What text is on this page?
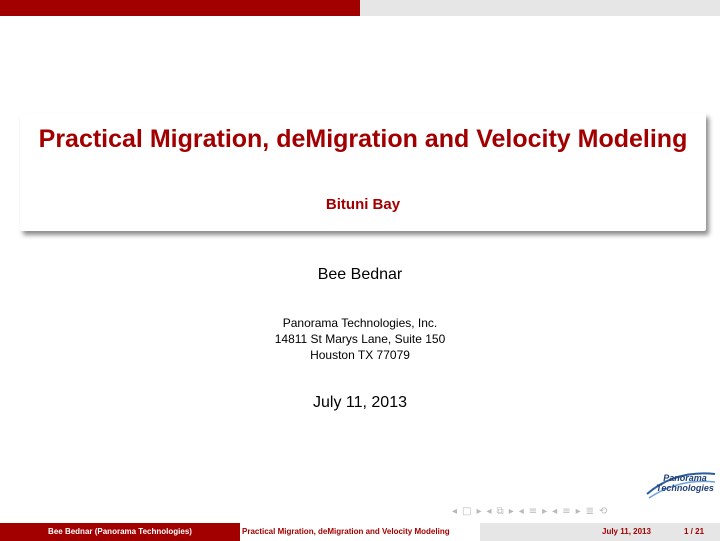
Practical Migration, deMigration and Velocity Modeling
Bituni Bay
Bee Bednar
Panorama Technologies, Inc.
14811 St Marys Lane, Suite 150
Houston TX 77079
July 11, 2013
Panorama
Technologies
◂ □ ▸ ◂ ⧉ ▸ ◂ ≡ ▸ ◂ ≡ ▸ ≣ ⟲
Bee Bednar (Panorama Technologies)	Practical Migration, deMigration and Velocity Modeling	July 11, 2013	1 / 21
